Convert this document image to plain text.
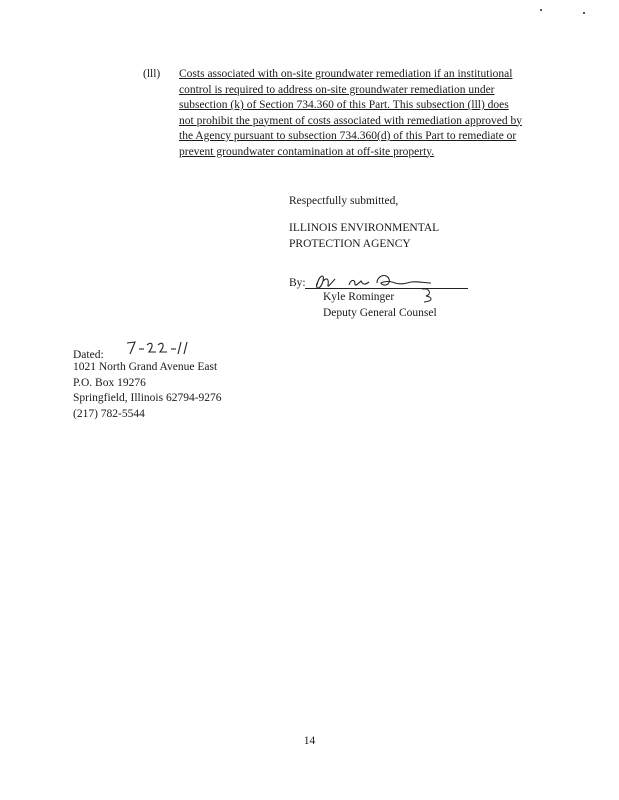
(lll) Costs associated with on-site groundwater remediation if an institutional
control is required to address on-site groundwater remediation under
subsection (k) of Section 734.360 of this Part. This subsection (lll) does
not prohibit the payment of costs associated with remediation approved by
the Agency pursuant to subsection 734.360(d) of this Part to remediate or
prevent groundwater contamination at off-site property.
Respectfully submitted,
ILLINOIS ENVIRONMENTAL
PROTECTION AGENCY
By:
Kyle Rominger
Deputy General Counsel
Dated:
1021 North Grand Avenue East
P.O. Box 19276
Springfield, Illinois 62794-9276
(217) 782-5544
14
